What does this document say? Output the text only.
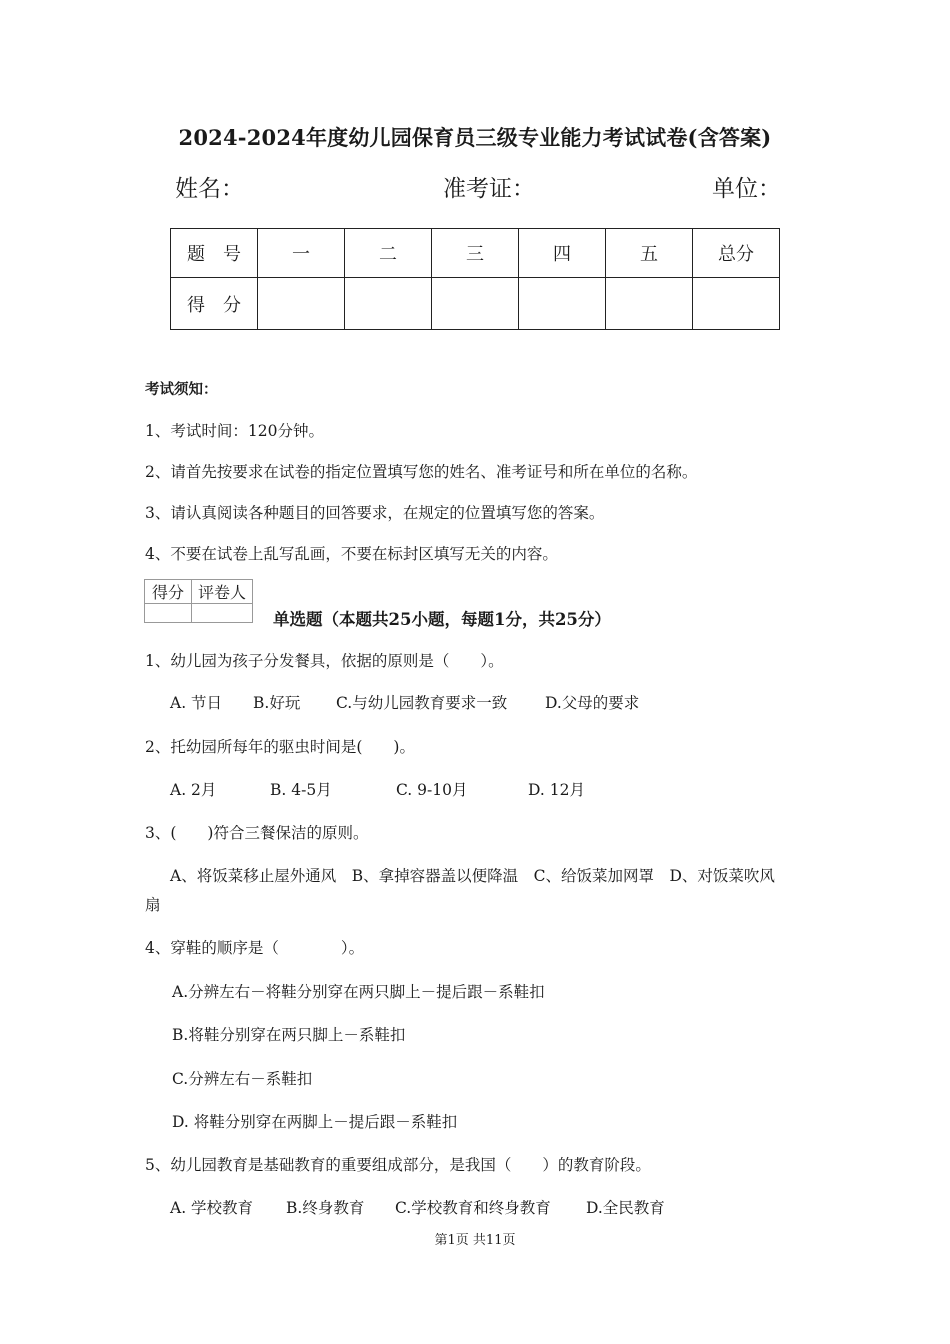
2024-2024年度幼儿园保育员三级专业能力考试试卷(含答案)
姓名：	准考证：	单位：
题　号	一	二	三	四	五	总分
得　分						
考试须知：
1、考试时间：120分钟。
2、请首先按要求在试卷的指定位置填写您的姓名、准考证号和所在单位的名称。
3、请认真阅读各种题目的回答要求，在规定的位置填写您的答案。
4、不要在试卷上乱写乱画，不要在标封区填写无关的内容。
得分	评卷人

单选题（本题共25小题，每题1分，共25分）
1、幼儿园为孩子分发餐具，依据的原则是（　　）。
A. 节日 B.好玩 C.与幼儿园教育要求一致 D.父母的要求
2、托幼园所每年的驱虫时间是(　　)。
A. 2月	B. 4-5月	C. 9-10月	D. 12月
3、(　　)符合三餐保洁的原则。
A、将饭菜移止屋外通风　B、拿掉容器盖以便降温　C、给饭菜加网罩　D、对饭菜吹风
扇
4、穿鞋的顺序是（　　　　）。
A.分辨左右－将鞋分别穿在两只脚上－提后跟－系鞋扣
B.将鞋分别穿在两只脚上－系鞋扣
C.分辨左右－系鞋扣
D. 将鞋分别穿在两脚上－提后跟－系鞋扣
5、幼儿园教育是基础教育的重要组成部分，是我国（　　）的教育阶段。
A. 学校教育 B.终身教育 C.学校教育和终身教育 D.全民教育
第1页 共11页
